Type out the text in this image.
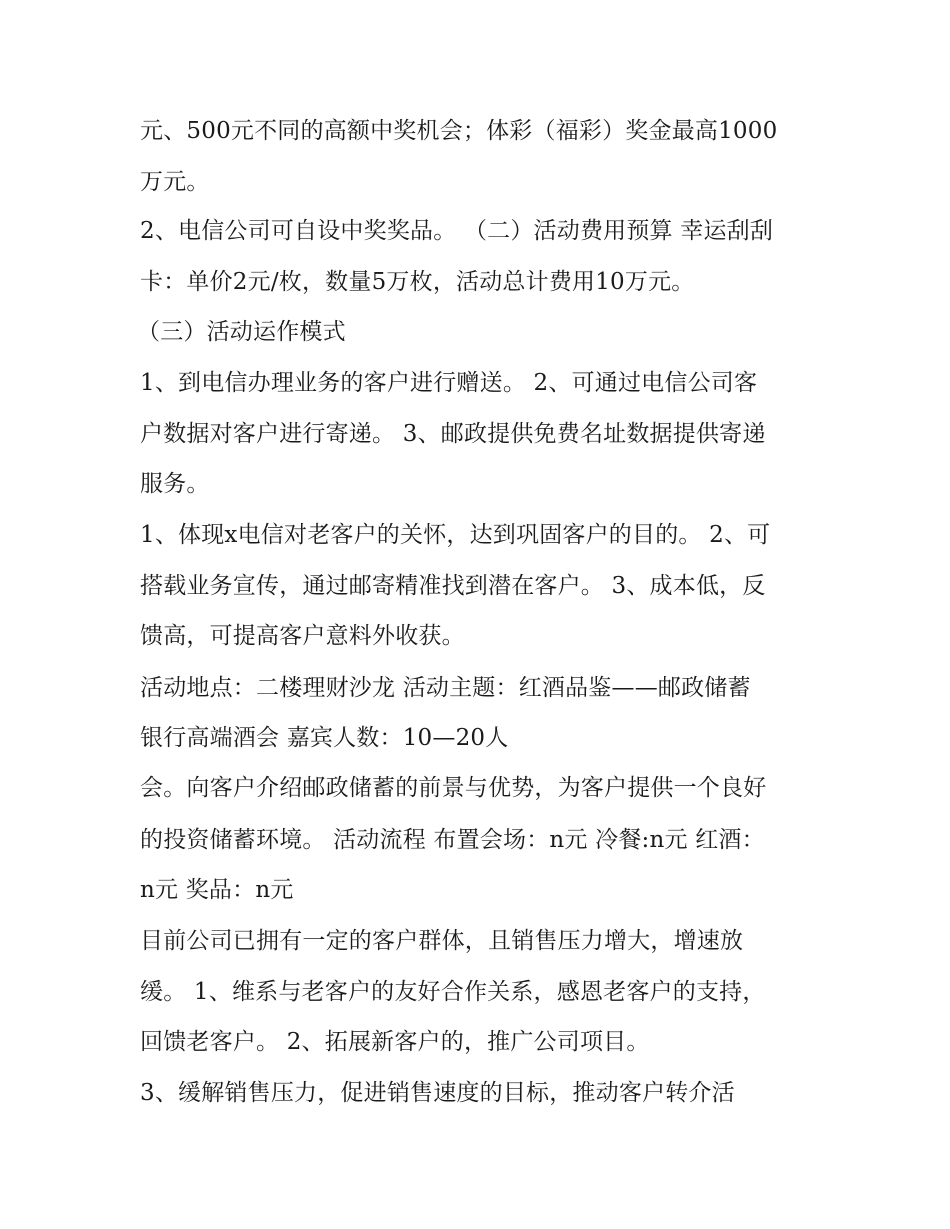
元、500元不同的高额中奖机会；体彩（福彩）奖金最高1000
万元。
2、电信公司可自设中奖奖品。 （二）活动费用预算 幸运刮刮
卡：单价2元/枚，数量5万枚，活动总计费用10万元。
（三）活动运作模式
1、到电信办理业务的客户进行赠送。 2、可通过电信公司客
户数据对客户进行寄递。 3、邮政提供免费名址数据提供寄递
服务。
1、体现x电信对老客户的关怀，达到巩固客户的目的。 2、可
搭载业务宣传，通过邮寄精准找到潜在客户。 3、成本低，反
馈高，可提高客户意料外收获。
活动地点：二楼理财沙龙 活动主题：红酒品鉴——邮政储蓄
银行高端酒会 嘉宾人数：10—20人
会。向客户介绍邮政储蓄的前景与优势，为客户提供一个良好
的投资储蓄环境。 活动流程 布置会场：n元 冷餐:n元 红酒：
n元 奖品：n元
目前公司已拥有一定的客户群体，且销售压力增大，增速放
缓。 1、维系与老客户的友好合作关系，感恩老客户的支持，
回馈老客户。 2、拓展新客户的，推广公司项目。
3、缓解销售压力，促进销售速度的目标，推动客户转介活
